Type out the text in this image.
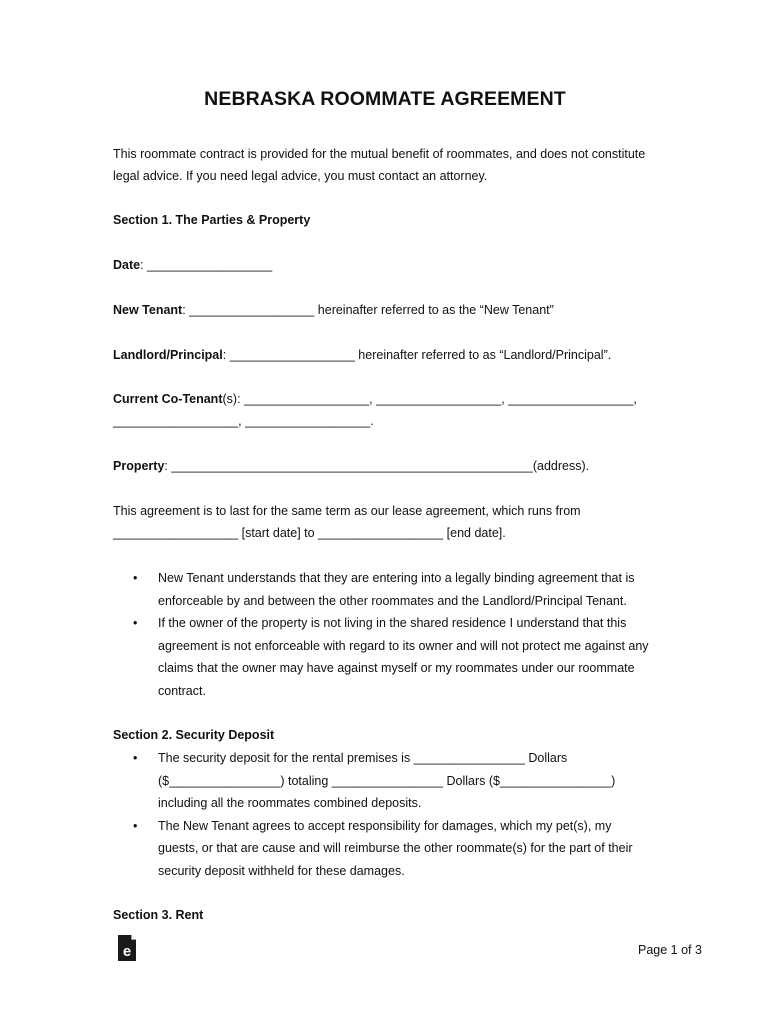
NEBRASKA ROOMMATE AGREEMENT
This roommate contract is provided for the mutual benefit of roommates, and does not constitute
legal advice. If you need legal advice, you must contact an attorney.
Section 1. The Parties & Property
Date: __________________
New Tenant: __________________ hereinafter referred to as the “New Tenant”
Landlord/Principal: __________________ hereinafter referred to as “Landlord/Principal”.
Current Co-Tenant(s): __________________, __________________, __________________,
__________________, __________________.
Property: ____________________________________________________(address).
This agreement is to last for the same term as our lease agreement, which runs from
__________________ [start date] to __________________ [end date].
• New Tenant understands that they are entering into a legally binding agreement that is
enforceable by and between the other roommates and the Landlord/Principal Tenant.
• If the owner of the property is not living in the shared residence I understand that this
agreement is not enforceable with regard to its owner and will not protect me against any
claims that the owner may have against myself or my roommates under our roommate
contract.
Section 2. Security Deposit
• The security deposit for the rental premises is ________________ Dollars
($________________) totaling ________________ Dollars ($________________)
including all the roommates combined deposits.
• The New Tenant agrees to accept responsibility for damages, which my pet(s), my
guests, or that are cause and will reimburse the other roommate(s) for the part of their
security deposit withheld for these damages.
Section 3. Rent
e	Page 1 of 3
